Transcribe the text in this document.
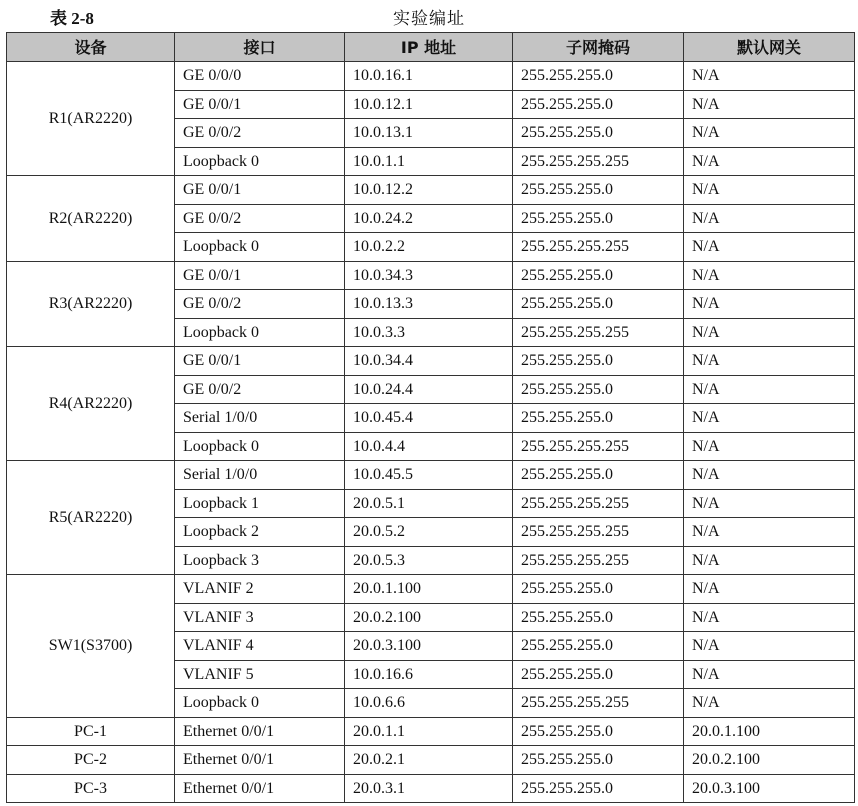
表 2-8	实验编址
设备	接口	IP 地址	子网掩码	默认网关
R1(AR2220)	GE 0/0/0	10.0.16.1	255.255.255.0	N/A
	GE 0/0/1	10.0.12.1	255.255.255.0	N/A
	GE 0/0/2	10.0.13.1	255.255.255.0	N/A
	Loopback 0	10.0.1.1	255.255.255.255	N/A
R2(AR2220)	GE 0/0/1	10.0.12.2	255.255.255.0	N/A
	GE 0/0/2	10.0.24.2	255.255.255.0	N/A
	Loopback 0	10.0.2.2	255.255.255.255	N/A
R3(AR2220)	GE 0/0/1	10.0.34.3	255.255.255.0	N/A
	GE 0/0/2	10.0.13.3	255.255.255.0	N/A
	Loopback 0	10.0.3.3	255.255.255.255	N/A
R4(AR2220)	GE 0/0/1	10.0.34.4	255.255.255.0	N/A
	GE 0/0/2	10.0.24.4	255.255.255.0	N/A
	Serial 1/0/0	10.0.45.4	255.255.255.0	N/A
	Loopback 0	10.0.4.4	255.255.255.255	N/A
R5(AR2220)	Serial 1/0/0	10.0.45.5	255.255.255.0	N/A
	Loopback 1	20.0.5.1	255.255.255.255	N/A
	Loopback 2	20.0.5.2	255.255.255.255	N/A
	Loopback 3	20.0.5.3	255.255.255.255	N/A
SW1(S3700)	VLANIF 2	20.0.1.100	255.255.255.0	N/A
	VLANIF 3	20.0.2.100	255.255.255.0	N/A
	VLANIF 4	20.0.3.100	255.255.255.0	N/A
	VLANIF 5	10.0.16.6	255.255.255.0	N/A
	Loopback 0	10.0.6.6	255.255.255.255	N/A
PC-1	Ethernet 0/0/1	20.0.1.1	255.255.255.0	20.0.1.100
PC-2	Ethernet 0/0/1	20.0.2.1	255.255.255.0	20.0.2.100
PC-3	Ethernet 0/0/1	20.0.3.1	255.255.255.0	20.0.3.100
